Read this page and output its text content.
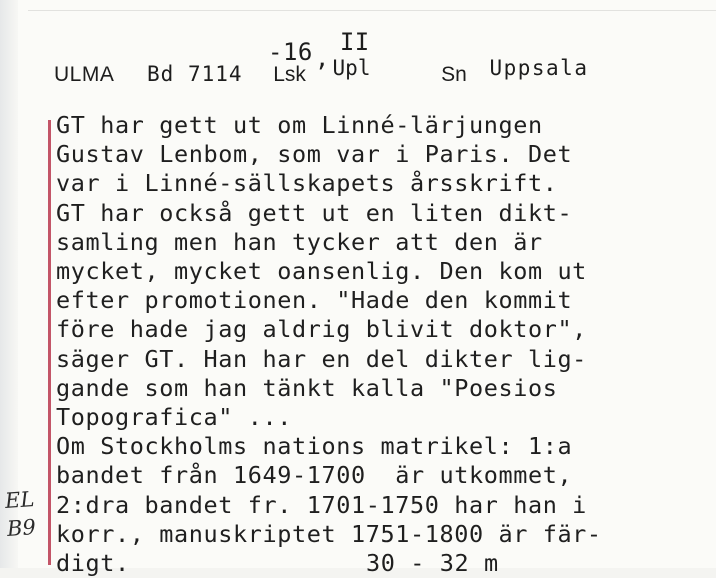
-16,II
ULMA Bd 7114 Lsk Upl	Sn Uppsala
GT har gett ut om Linné-lärjungen
Gustav Lenbom, som var i Paris. Det
var i Linné-sällskapets årsskrift.
GT har också gett ut en liten dikt-
samling men han tycker att den är
mycket, mycket oansenlig. Den kom ut
efter promotionen. "Hade den kommit
före hade jag aldrig blivit doktor",
säger GT. Han har en del dikter lig-
gande som han tänkt kalla "Poesios
Topografica" ...
Om Stockholms nations matrikel: 1:a
bandet från 1649-1700  är utkommet,
2:dra bandet fr. 1701-1750 har han i
korr., manuskriptet 1751-1800 är fär-
digt.	30 - 32 m
EL
B9
